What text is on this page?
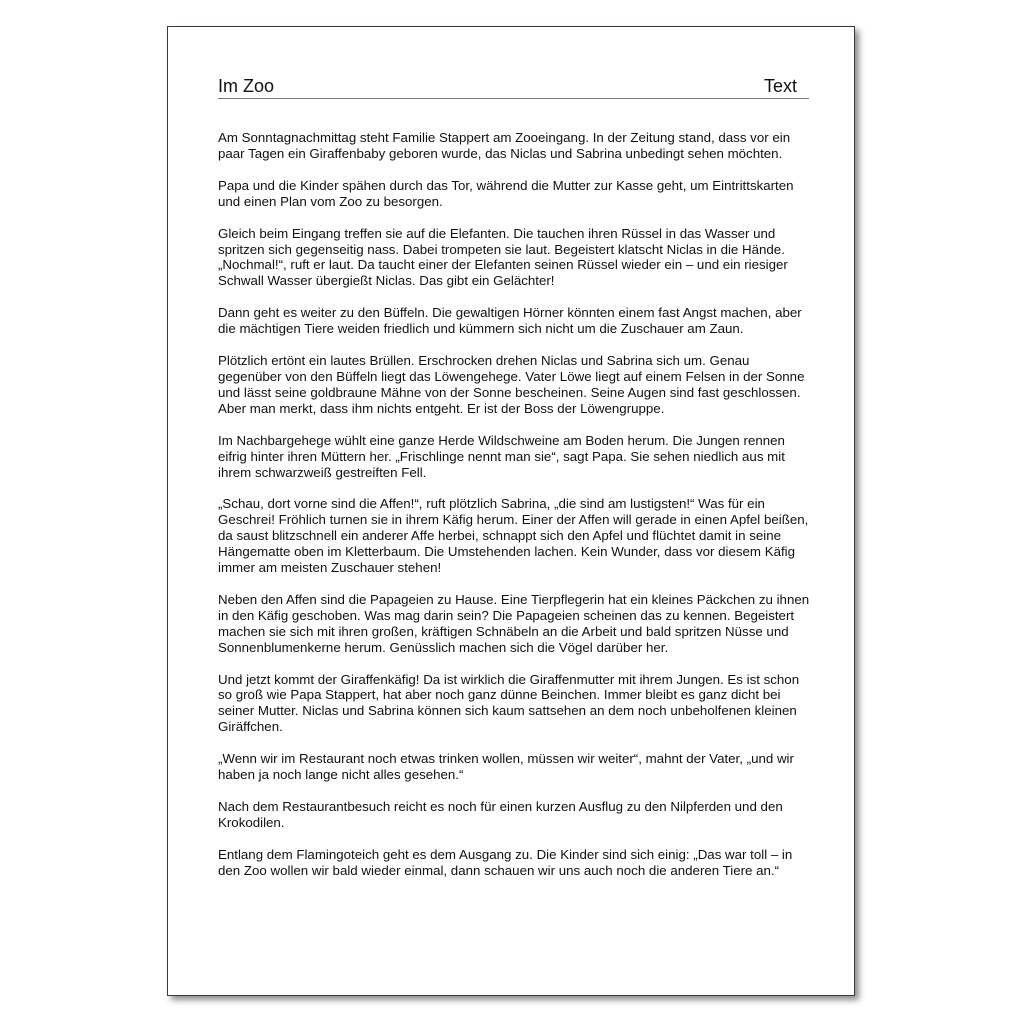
Im Zoo	Text

Am Sonntagnachmittag steht Familie Stappert am Zooeingang. In der Zeitung stand, dass vor ein paar Tagen ein Giraffenbaby geboren wurde, das Niclas und Sabrina unbedingt sehen möchten.

Papa und die Kinder spähen durch das Tor, während die Mutter zur Kasse geht, um Eintrittskarten und einen Plan vom Zoo zu besorgen.

Gleich beim Eingang treffen sie auf die Elefanten. Die tauchen ihren Rüssel in das Wasser und spritzen sich gegenseitig nass. Dabei trompeten sie laut. Begeistert klatscht Niclas in die Hände. „Nochmal!“, ruft er laut. Da taucht einer der Elefanten seinen Rüssel wieder ein – und ein riesiger Schwall Wasser übergießt Niclas. Das gibt ein Gelächter!

Dann geht es weiter zu den Büffeln. Die gewaltigen Hörner könnten einem fast Angst machen, aber die mächtigen Tiere weiden friedlich und kümmern sich nicht um die Zuschauer am Zaun.

Plötzlich ertönt ein lautes Brüllen. Erschrocken drehen Niclas und Sabrina sich um. Genau gegenüber von den Büffeln liegt das Löwengehege. Vater Löwe liegt auf einem Felsen in der Sonne und lässt seine goldbraune Mähne von der Sonne bescheinen. Seine Augen sind fast geschlossen. Aber man merkt, dass ihm nichts entgeht. Er ist der Boss der Löwengruppe.

Im Nachbargehege wühlt eine ganze Herde Wildschweine am Boden herum. Die Jungen rennen eifrig hinter ihren Müttern her. „Frischlinge nennt man sie“, sagt Papa. Sie sehen niedlich aus mit ihrem schwarzweiß gestreiften Fell.

„Schau, dort vorne sind die Affen!“, ruft plötzlich Sabrina, „die sind am lustigsten!“ Was für ein Geschrei! Fröhlich turnen sie in ihrem Käfig herum. Einer der Affen will gerade in einen Apfel beißen, da saust blitzschnell ein anderer Affe herbei, schnappt sich den Apfel und flüchtet damit in seine Hängematte oben im Kletterbaum. Die Umstehenden lachen. Kein Wunder, dass vor diesem Käfig immer am meisten Zuschauer stehen!

Neben den Affen sind die Papageien zu Hause. Eine Tierpflegerin hat ein kleines Päckchen zu ihnen in den Käfig geschoben. Was mag darin sein? Die Papageien scheinen das zu kennen. Begeistert machen sie sich mit ihren großen, kräftigen Schnäbeln an die Arbeit und bald spritzen Nüsse und Sonnenblumenkerne herum. Genüsslich machen sich die Vögel darüber her.

Und jetzt kommt der Giraffenkäfig! Da ist wirklich die Giraffenmutter mit ihrem Jungen. Es ist schon so groß wie Papa Stappert, hat aber noch ganz dünne Beinchen. Immer bleibt es ganz dicht bei seiner Mutter. Niclas und Sabrina können sich kaum sattsehen an dem noch unbeholfenen kleinen Giräffchen.

„Wenn wir im Restaurant noch etwas trinken wollen, müssen wir weiter“, mahnt der Vater, „und wir haben ja noch lange nicht alles gesehen.“

Nach dem Restaurantbesuch reicht es noch für einen kurzen Ausflug zu den Nilpferden und den Krokodilen.

Entlang dem Flamingoteich geht es dem Ausgang zu. Die Kinder sind sich einig: „Das war toll – in den Zoo wollen wir bald wieder einmal, dann schauen wir uns auch noch die anderen Tiere an.“
